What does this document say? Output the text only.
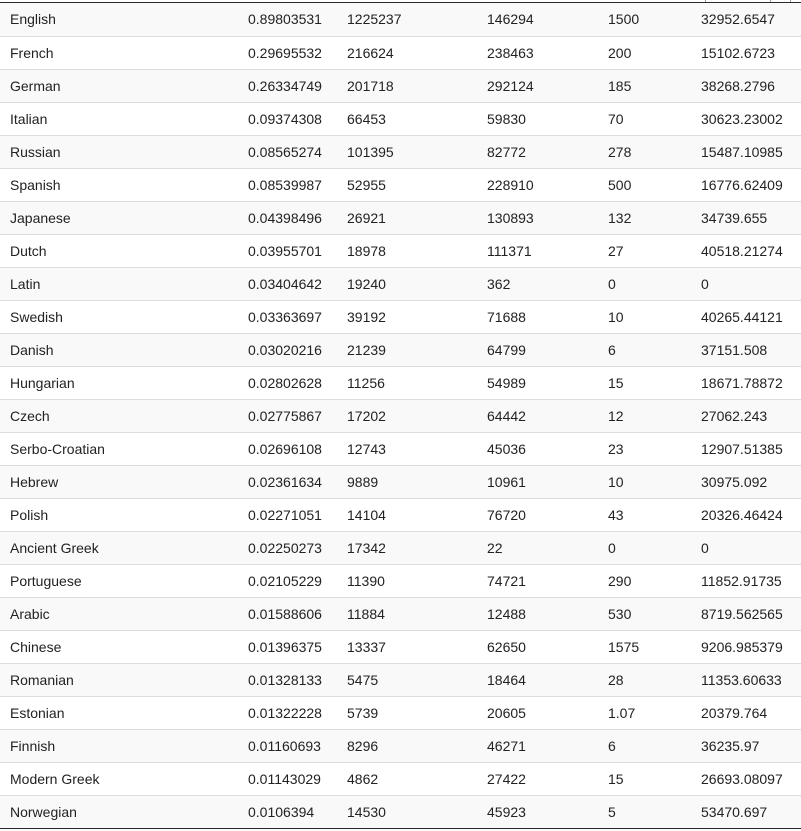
English	0.89803531	1225237	146294	1500	32952.6547
French	0.29695532	216624	238463	200	15102.6723
German	0.26334749	201718	292124	185	38268.2796
Italian	0.09374308	66453	59830	70	30623.23002
Russian	0.08565274	101395	82772	278	15487.10985
Spanish	0.08539987	52955	228910	500	16776.62409
Japanese	0.04398496	26921	130893	132	34739.655
Dutch	0.03955701	18978	111371	27	40518.21274
Latin	0.03404642	19240	362	0	0
Swedish	0.03363697	39192	71688	10	40265.44121
Danish	0.03020216	21239	64799	6	37151.508
Hungarian	0.02802628	11256	54989	15	18671.78872
Czech	0.02775867	17202	64442	12	27062.243
Serbo-Croatian	0.02696108	12743	45036	23	12907.51385
Hebrew	0.02361634	9889	10961	10	30975.092
Polish	0.02271051	14104	76720	43	20326.46424
Ancient Greek	0.02250273	17342	22	0	0
Portuguese	0.02105229	11390	74721	290	11852.91735
Arabic	0.01588606	11884	12488	530	8719.562565
Chinese	0.01396375	13337	62650	1575	9206.985379
Romanian	0.01328133	5475	18464	28	11353.60633
Estonian	0.01322228	5739	20605	1.07	20379.764
Finnish	0.01160693	8296	46271	6	36235.97
Modern Greek	0.01143029	4862	27422	15	26693.08097
Norwegian	0.0106394	14530	45923	5	53470.697
